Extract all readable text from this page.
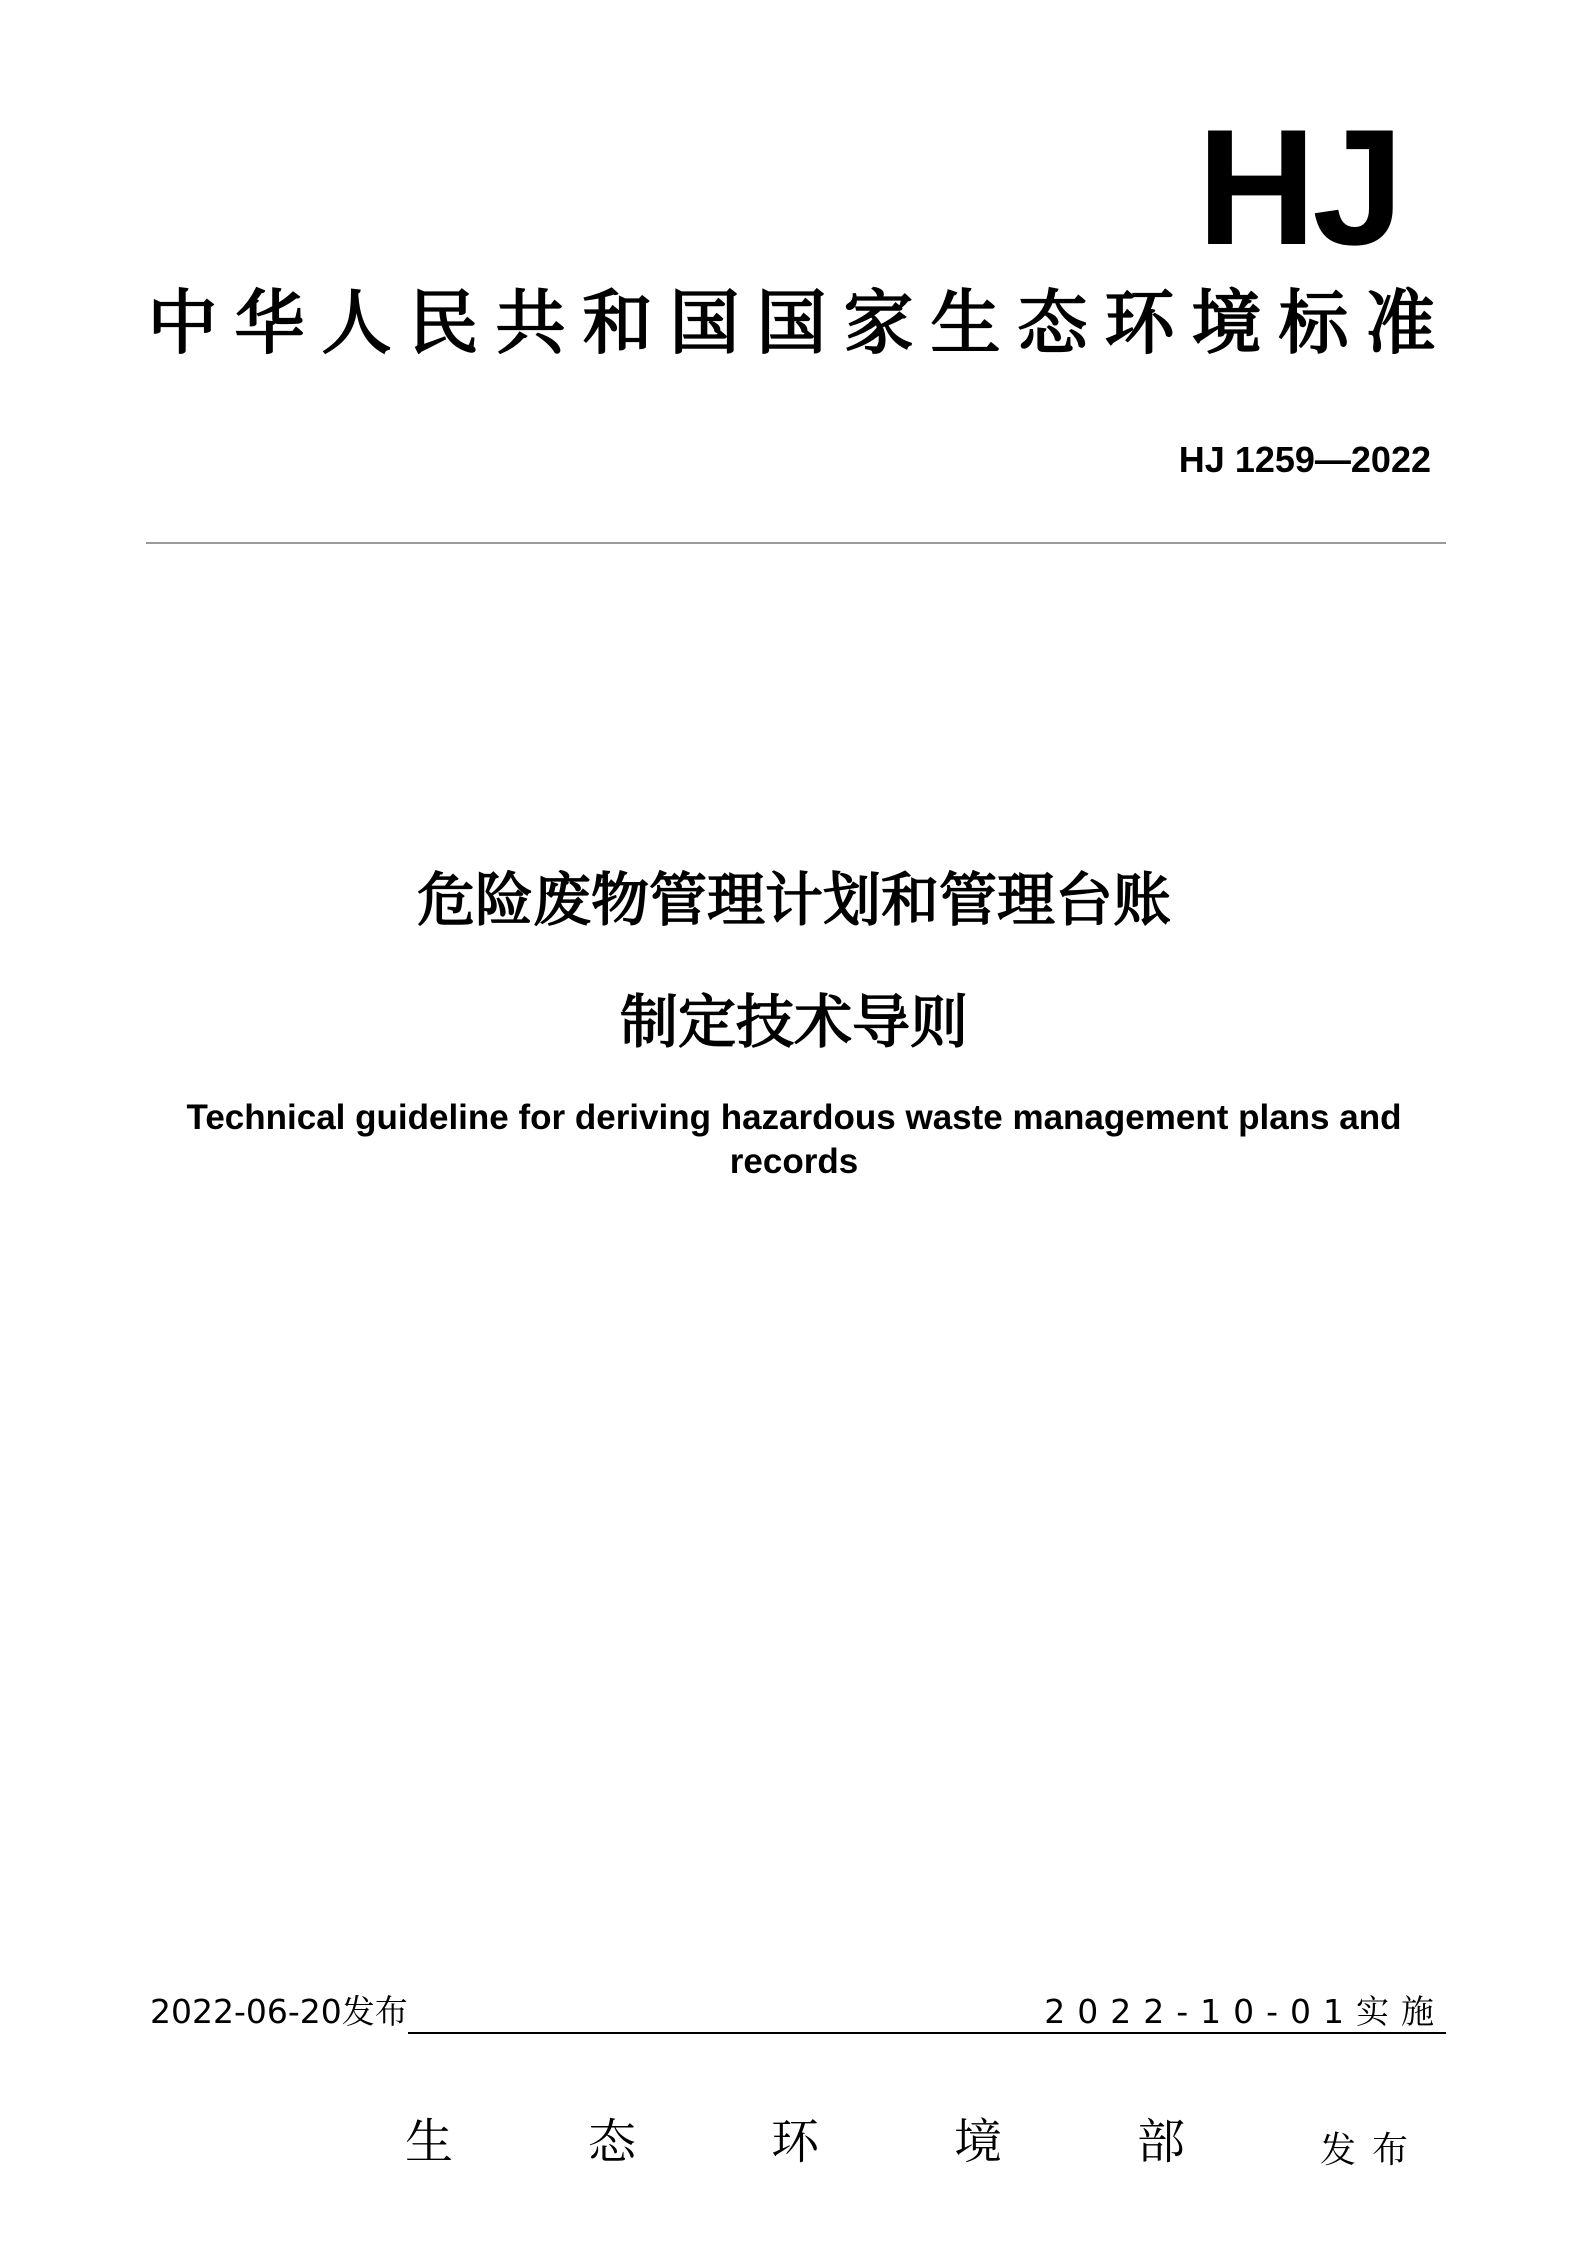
HJ
中华人民共和国国家生态环境标准
HJ 1259—2022
危险废物管理计划和管理台账
制定技术导则
Technical guideline for deriving hazardous waste management plans and records
2022-06-20发布	2022-10-01实施
生态环境部发布
